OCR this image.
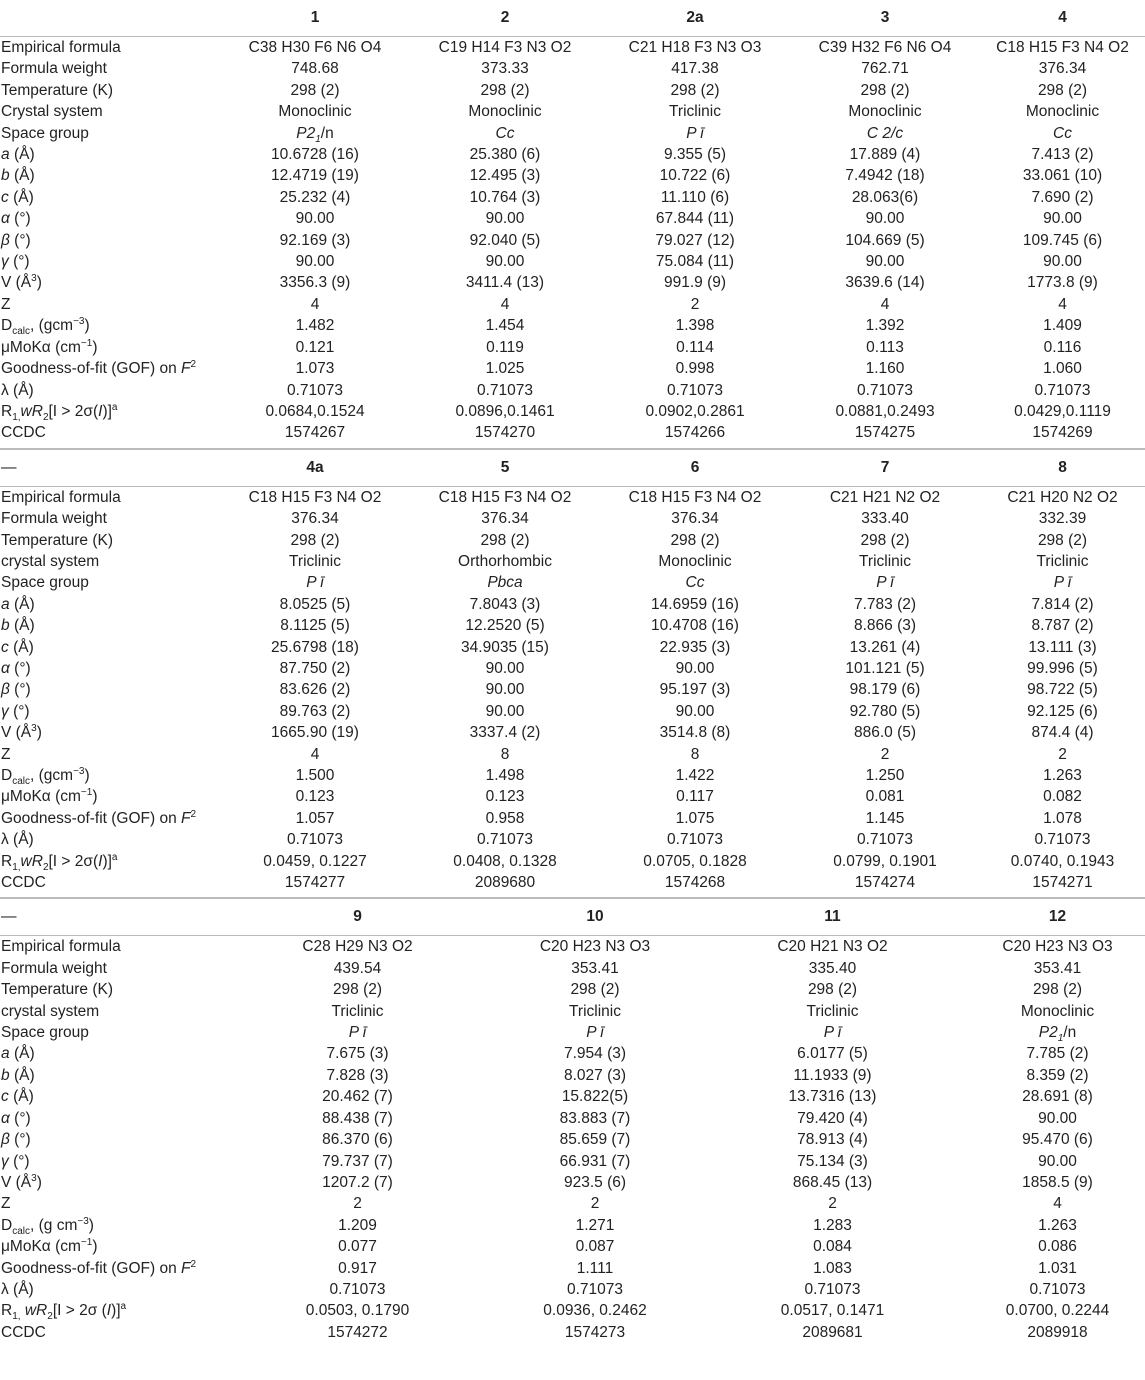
	1	2	2a	3	4
Empirical formula	C38 H30 F6 N6 O4	C19 H14 F3 N3 O2	C21 H18 F3 N3 O3	C39 H32 F6 N6 O4	C18 H15 F3 N4 O2
Formula weight	748.68	373.33	417.38	762.71	376.34
Temperature (K)	298 (2)	298 (2)	298 (2)	298 (2)	298 (2)
Crystal system	Monoclinic	Monoclinic	Triclinic	Monoclinic	Monoclinic
Space group	$P2_1/n$	Cc	P ī	C 2/c	Cc
a (Å)	10.6728 (16)	25.380 (6)	9.355 (5)	17.889 (4)	7.413 (2)
b (Å)	12.4719 (19)	12.495 (3)	10.722 (6)	7.4942 (18)	33.061 (10)
c (Å)	25.232 (4)	10.764 (3)	11.110 (6)	28.063(6)	7.690 (2)
α (°)	90.00	90.00	67.844 (11)	90.00	90.00
β (°)	92.169 (3)	92.040 (5)	79.027 (12)	104.669 (5)	109.745 (6)
γ (°)	90.00	90.00	75.084 (11)	90.00	90.00
V $(Å^3)$	3356.3 (9)	3411.4 (13)	991.9 (9)	3639.6 (14)	1773.8 (9)
Z	4	4	2	4	4
$D_{calc}$, (gcm$^{-3}$)	1.482	1.454	1.398	1.392	1.409
μMoKα $(cm^{-1})$	0.121	0.119	0.114	0.113	0.116
Goodness-of-fit (GOF) on $F^2$	1.073	1.025	0.998	1.160	1.060
λ (Å)	0.71073	0.71073	0.71073	0.71073	0.71073
$R_{1,}wR_2[I > 2\sigma(I)]^a$	0.0684,0.1524	0.0896,0.1461	0.0902,0.2861	0.0881,0.2493	0.0429,0.1119
CCDC	1574267	1574270	1574266	1574275	1574269
—	4a	5	6	7	8
Empirical formula	C18 H15 F3 N4 O2	C18 H15 F3 N4 O2	C18 H15 F3 N4 O2	C21 H21 N2 O2	C21 H20 N2 O2
Formula weight	376.34	376.34	376.34	333.40	332.39
Temperature (K)	298 (2)	298 (2)	298 (2)	298 (2)	298 (2)
crystal system	Triclinic	Orthorhombic	Monoclinic	Triclinic	Triclinic
Space group	P ī	Pbca	Cc	P ī	P ī
a (Å)	8.0525 (5)	7.8043 (3)	14.6959 (16)	7.783 (2)	7.814 (2)
b (Å)	8.1125 (5)	12.2520 (5)	10.4708 (16)	8.866 (3)	8.787 (2)
c (Å)	25.6798 (18)	34.9035 (15)	22.935 (3)	13.261 (4)	13.111 (3)
α (°)	87.750 (2)	90.00	90.00	101.121 (5)	99.996 (5)
β (°)	83.626 (2)	90.00	95.197 (3)	98.179 (6)	98.722 (5)
γ (°)	89.763 (2)	90.00	90.00	92.780 (5)	92.125 (6)
V $(Å^3)$	1665.90 (19)	3337.4 (2)	3514.8 (8)	886.0 (5)	874.4 (4)
Z	4	8	8	2	2
$D_{calc}$, (gcm$^{-3}$)	1.500	1.498	1.422	1.250	1.263
μMoKα $(cm^{-1})$	0.123	0.123	0.117	0.081	0.082
Goodness-of-fit (GOF) on $F^2$	1.057	0.958	1.075	1.145	1.078
λ (Å)	0.71073	0.71073	0.71073	0.71073	0.71073
$R_{1,}wR_2[I > 2\sigma(I)]^a$	0.0459, 0.1227	0.0408, 0.1328	0.0705, 0.1828	0.0799, 0.1901	0.0740, 0.1943
CCDC	1574277	2089680	1574268	1574274	1574271
—	9	10	11	12
Empirical formula	C28 H29 N3 O2	C20 H23 N3 O3	C20 H21 N3 O2	C20 H23 N3 O3
Formula weight	439.54	353.41	335.40	353.41
Temperature (K)	298 (2)	298 (2)	298 (2)	298 (2)
crystal system	Triclinic	Triclinic	Triclinic	Monoclinic
Space group	P ī	P ī	P ī	$P2_1/n$
a (Å)	7.675 (3)	7.954 (3)	6.0177 (5)	7.785 (2)
b (Å)	7.828 (3)	8.027 (3)	11.1933 (9)	8.359 (2)
c (Å)	20.462 (7)	15.822(5)	13.7316 (13)	28.691 (8)
α (°)	88.438 (7)	83.883 (7)	79.420 (4)	90.00
β (°)	86.370 (6)	85.659 (7)	78.913 (4)	95.470 (6)
γ (°)	79.737 (7)	66.931 (7)	75.134 (3)	90.00
V $(Å^3)$	1207.2 (7)	923.5 (6)	868.45 (13)	1858.5 (9)
Z	2	2	2	4
$D_{calc}$, (g $cm^{-3}$)	1.209	1.271	1.283	1.263
μMoKα $(cm^{-1})$	0.077	0.087	0.084	0.086
Goodness-of-fit (GOF) on $F^2$	0.917	1.111	1.083	1.031
λ (Å)	0.71073	0.71073	0.71073	0.71073
$R_{1,}$ $wR_2[I > 2\sigma$ (I)]$^a$	0.0503, 0.1790	0.0936, 0.2462	0.0517, 0.1471	0.0700, 0.2244
CCDC	1574272	1574273	2089681	2089918
